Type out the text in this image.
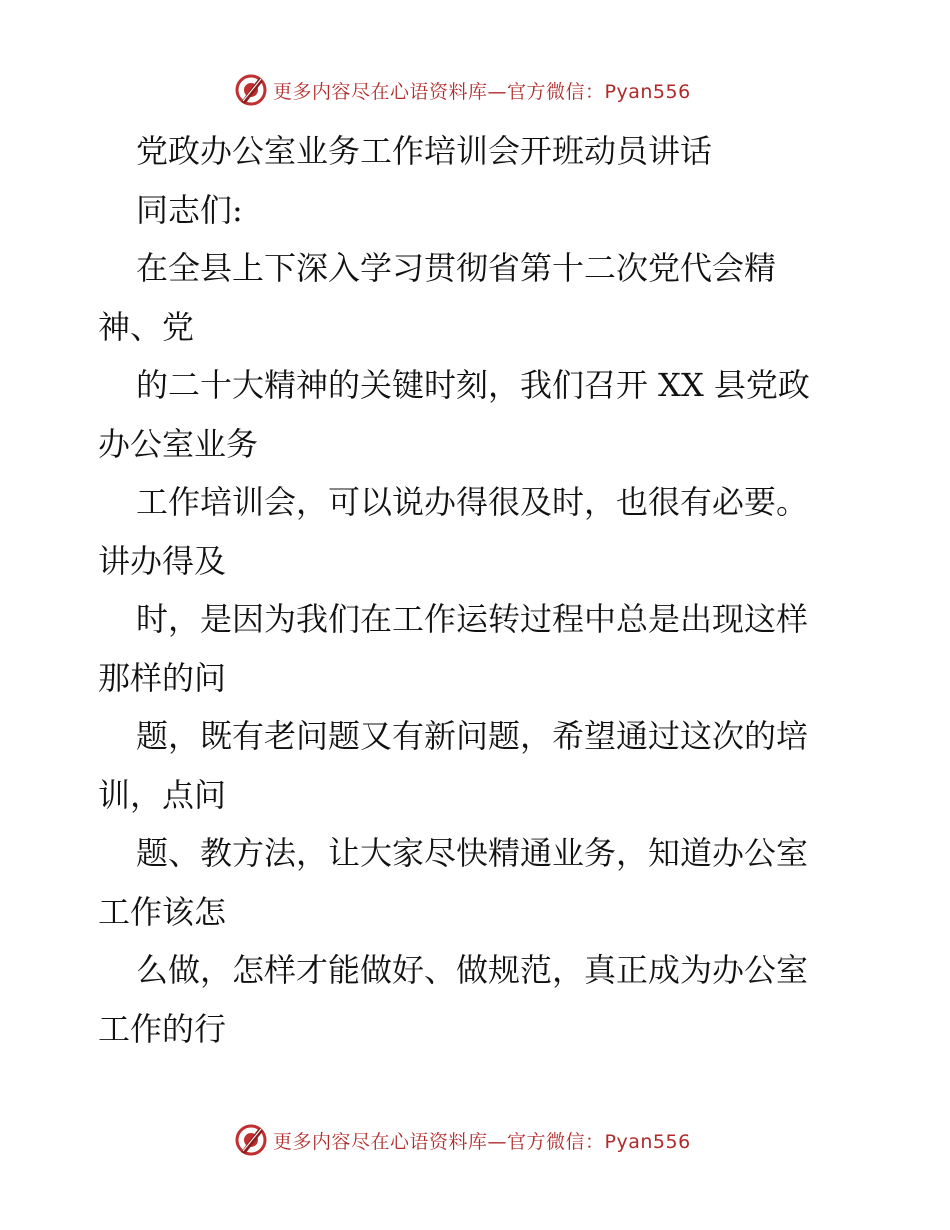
更多内容尽在心语资料库—官方微信：Pyan556
党政办公室业务工作培训会开班动员讲话
同志们:
在全县上下深入学习贯彻省第十二次党代会精
神、党
的二十大精神的关键时刻，我们召开 XX 县党政
办公室业务
工作培训会，可以说办得很及时，也很有必要。
讲办得及
时，是因为我们在工作运转过程中总是出现这样
那样的问
题，既有老问题又有新问题，希望通过这次的培
训，点问
题、教方法，让大家尽快精通业务，知道办公室
工作该怎
么做，怎样才能做好、做规范，真正成为办公室
工作的行
更多内容尽在心语资料库—官方微信：Pyan556
